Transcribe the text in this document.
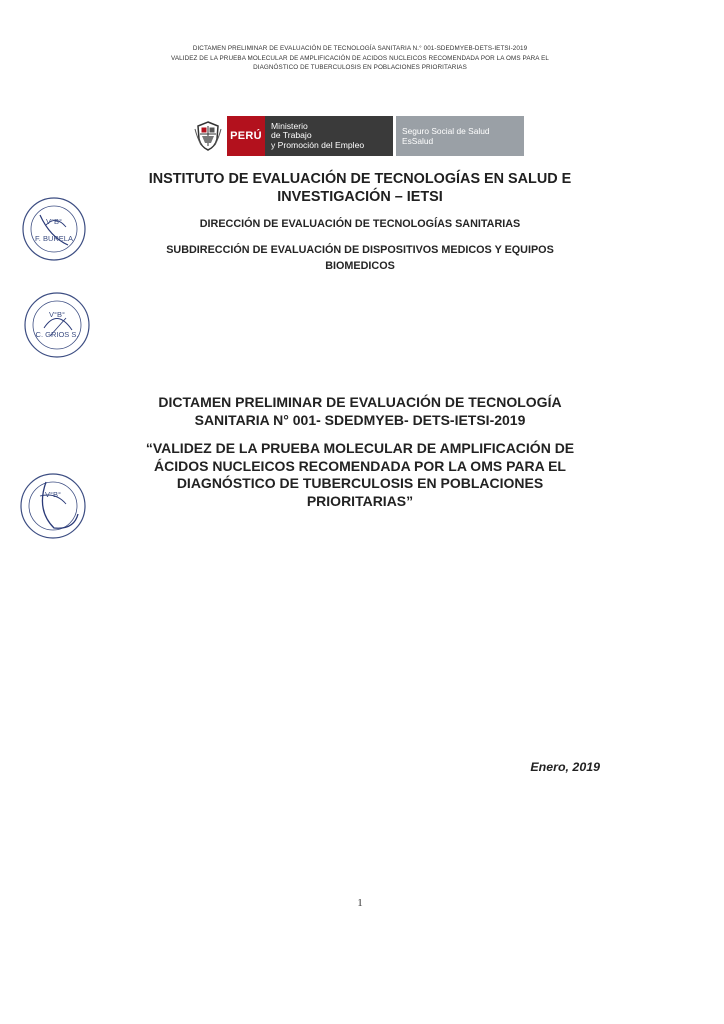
DICTAMEN PRELIMINAR DE EVALUACIÓN DE TECNOLOGÍA SANITARIA N.° 001-SDEDMYEB-DETS-IETSI-2019
VALIDEZ DE LA PRUEBA MOLECULAR DE AMPLIFICACIÓN DE ACIDOS NUCLEICOS RECOMENDADA POR LA OMS PARA EL
DIAGNÓSTICO DE TUBERCULOSIS EN POBLACIONES PRIORITARIAS
PERÚ
Ministerio
de Trabajo
y Promoción del Empleo
Seguro Social de Salud
EsSalud
INSTITUTO DE EVALUACIÓN DE TECNOLOGÍAS EN SALUD E
INVESTIGACIÓN – IETSI
DIRECCIÓN DE EVALUACIÓN DE TECNOLOGÍAS SANITARIAS
SUBDIRECCIÓN DE EVALUACIÓN DE DISPOSITIVOS MEDICOS Y EQUIPOS
BIOMEDICOS
V°B°
F. BURELA
V°B°
C. GRIOS S.
V°B°
DICTAMEN PRELIMINAR DE EVALUACIÓN DE TECNOLOGÍA
SANITARIA N° 001- SDEDMYEB- DETS-IETSI-2019
“VALIDEZ DE LA PRUEBA MOLECULAR DE AMPLIFICACIÓN DE
ÁCIDOS NUCLEICOS RECOMENDADA POR LA OMS PARA EL
DIAGNÓSTICO DE TUBERCULOSIS EN POBLACIONES
PRIORITARIAS”
Enero, 2019
1
